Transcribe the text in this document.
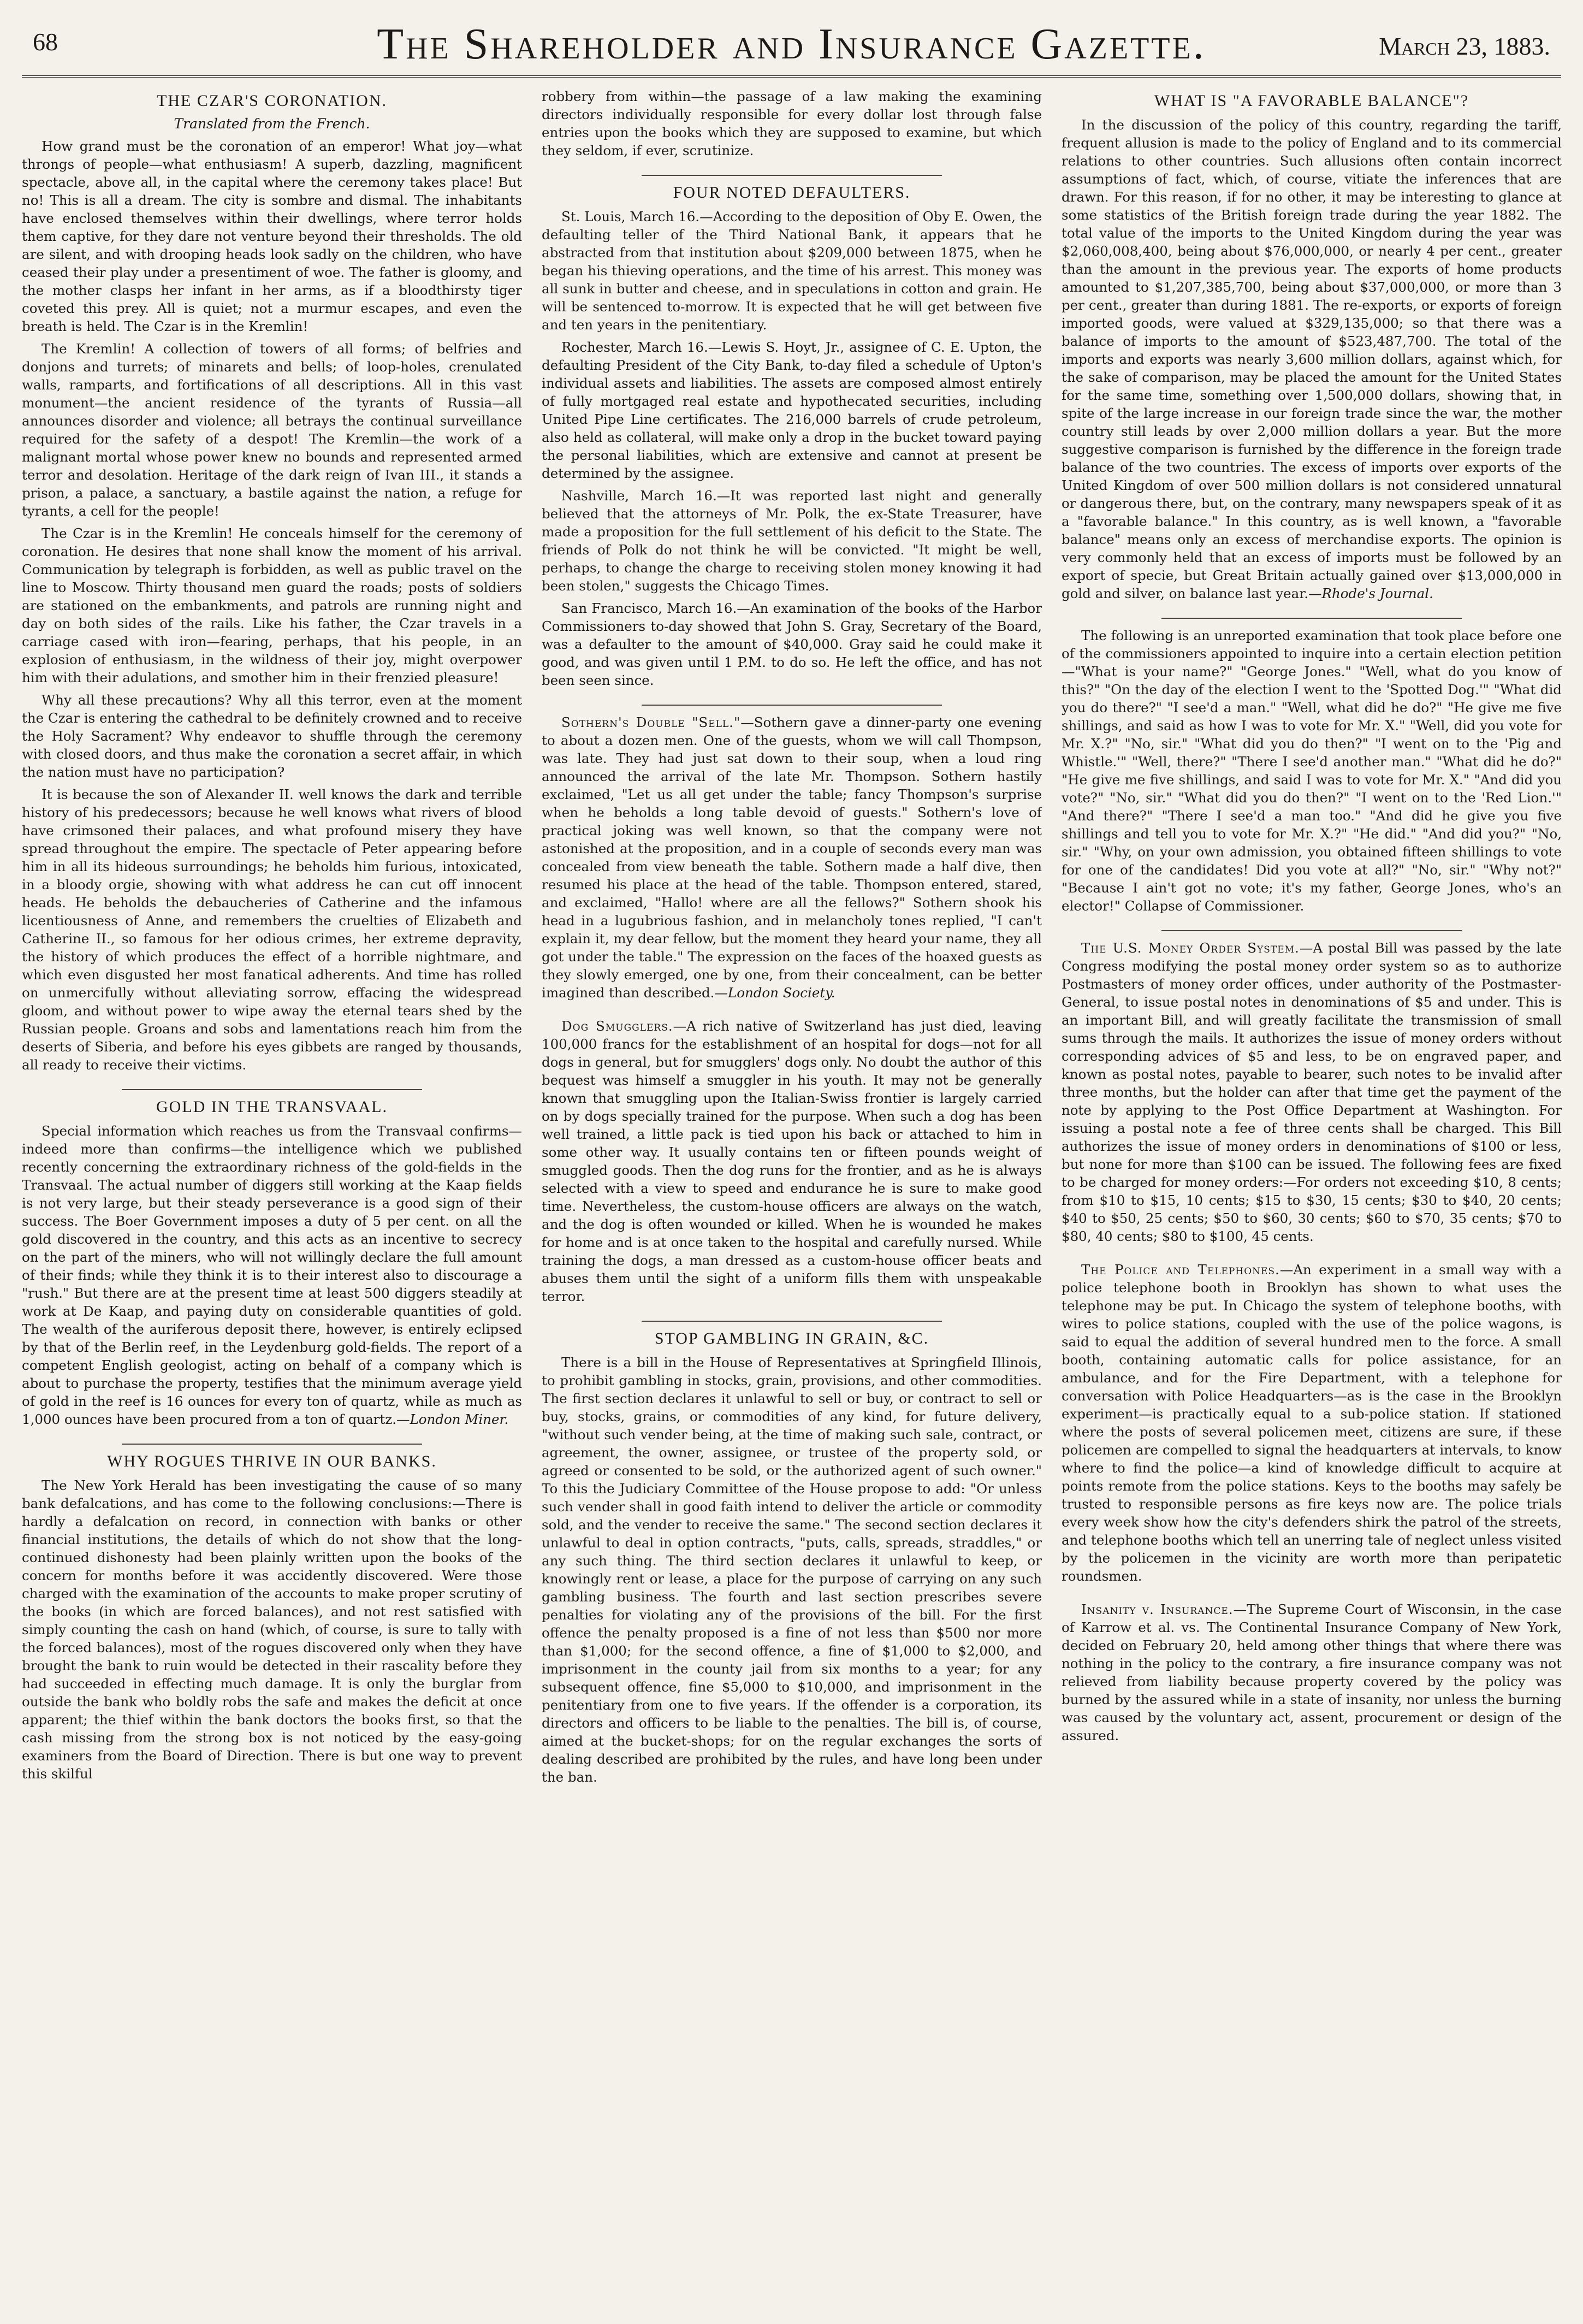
68	The Shareholder and Insurance Gazette.	March 23, 1883.
THE CZAR'S CORONATION.
Translated from the French.

How grand must be the coronation of an emperor! What joy—what throngs of people—what enthusiasm! A superb, dazzling, magnificent spectacle, above all, in the capital where the ceremony takes place! But no! This is all a dream. The city is sombre and dismal. The inhabitants have enclosed themselves within their dwellings, where terror holds them captive, for they dare not venture beyond their thresholds. The old are silent, and with drooping heads look sadly on the children, who have ceased their play under a presentiment of woe. The father is gloomy, and the mother clasps her infant in her arms, as if a bloodthirsty tiger coveted this prey. All is quiet; not a murmur escapes, and even the breath is held. The Czar is in the Kremlin!

The Kremlin! A collection of towers of all forms; of belfries and donjons and turrets; of minarets and bells; of loop-holes, crenulated walls, ramparts, and fortifications of all descriptions. All in this vast monument—the ancient residence of the tyrants of Russia—all announces disorder and violence; all betrays the continual surveillance required for the safety of a despot! The Kremlin—the work of a malignant mortal whose power knew no bounds and represented armed terror and desolation. Heritage of the dark reign of Ivan III., it stands a prison, a palace, a sanctuary, a bastile against the nation, a refuge for tyrants, a cell for the people!

The Czar is in the Kremlin! He conceals himself for the ceremony of coronation. He desires that none shall know the moment of his arrival. Communication by telegraph is forbidden, as well as public travel on the line to Moscow. Thirty thousand men guard the roads; posts of soldiers are stationed on the embankments, and patrols are running night and day on both sides of the rails. Like his father, the Czar travels in a carriage cased with iron—fearing, perhaps, that his people, in an explosion of enthusiasm, in the wildness of their joy, might overpower him with their adulations, and smother him in their frenzied pleasure!

Why all these precautions? Why all this terror, even at the moment the Czar is entering the cathedral to be definitely crowned and to receive the Holy Sacrament? Why endeavor to shuffle through the ceremony with closed doors, and thus make the coronation a secret affair, in which the nation must have no participation?

It is because the son of Alexander II. well knows the dark and terrible history of his predecessors; because he well knows what rivers of blood have crimsoned their palaces, and what profound misery they have spread throughout the empire. The spectacle of Peter appearing before him in all its hideous surroundings; he beholds him furious, intoxicated, in a bloody orgie, showing with what address he can cut off innocent heads. He beholds the debaucheries of Catherine and the infamous licentiousness of Anne, and remembers the cruelties of Elizabeth and Catherine II., so famous for her odious crimes, her extreme depravity, the history of which produces the effect of a horrible nightmare, and which even disgusted her most fanatical adherents. And time has rolled on unmercifully without alleviating sorrow, effacing the widespread gloom, and without power to wipe away the eternal tears shed by the Russian people. Groans and sobs and lamentations reach him from the deserts of Siberia, and before his eyes gibbets are ranged by thousands, all ready to receive their victims.

GOLD IN THE TRANSVAAL.

Special information which reaches us from the Transvaal confirms—indeed more than confirms—the intelligence which we published recently concerning the extraordinary richness of the gold-fields in the Transvaal. The actual number of diggers still working at the Kaap fields is not very large, but their steady perseverance is a good sign of their success. The Boer Government imposes a duty of 5 per cent. on all the gold discovered in the country, and this acts as an incentive to secrecy on the part of the miners, who will not willingly declare the full amount of their finds; while they think it is to their interest also to discourage a "rush." But there are at the present time at least 500 diggers steadily at work at De Kaap, and paying duty on considerable quantities of gold. The wealth of the auriferous deposit there, however, is entirely eclipsed by that of the Berlin reef, in the Leydenburg gold-fields. The report of a competent English geologist, acting on behalf of a company which is about to purchase the property, testifies that the minimum average yield of gold in the reef is 16 ounces for every ton of quartz, while as much as 1,000 ounces have been procured from a ton of quartz.—London Miner.

WHY ROGUES THRIVE IN OUR BANKS.

The New York Herald has been investigating the cause of so many bank defalcations, and has come to the following conclusions:—There is hardly a defalcation on record, in connection with banks or other financial institutions, the details of which do not show that the long-continued dishonesty had been plainly written upon the books of the concern for months before it was accidently discovered. Were those charged with the examination of the accounts to make proper scrutiny of the books (in which are forced balances), and not rest satisfied with simply counting the cash on hand (which, of course, is sure to tally with the forced balances), most of the rogues discovered only when they have brought the bank to ruin would be detected in their rascality before they had succeeded in effecting much damage. It is only the burglar from outside the bank who boldly robs the safe and makes the deficit at once apparent; the thief within the bank doctors the books first, so that the cash missing from the strong box is not noticed by the easy-going examiners from the Board of Direction. There is but one way to prevent this skilful

robbery from within—the passage of a law making the examining directors individually responsible for every dollar lost through false entries upon the books which they are supposed to examine, but which they seldom, if ever, scrutinize.

FOUR NOTED DEFAULTERS.

St. Louis, March 16.—According to the deposition of Oby E. Owen, the defaulting teller of the Third National Bank, it appears that he abstracted from that institution about $209,000 between 1875, when he began his thieving operations, and the time of his arrest. This money was all sunk in butter and cheese, and in speculations in cotton and grain. He will be sentenced to-morrow. It is expected that he will get between five and ten years in the penitentiary.

Rochester, March 16.—Lewis S. Hoyt, Jr., assignee of C. E. Upton, the defaulting President of the City Bank, to-day filed a schedule of Upton's individual assets and liabilities. The assets are composed almost entirely of fully mortgaged real estate and hypothecated securities, including United Pipe Line certificates. The 216,000 barrels of crude petroleum, also held as collateral, will make only a drop in the bucket toward paying the personal liabilities, which are extensive and cannot at present be determined by the assignee.

Nashville, March 16.—It was reported last night and generally believed that the attorneys of Mr. Polk, the ex-State Treasurer, have made a proposition for the full settlement of his deficit to the State. The friends of Polk do not think he will be convicted. "It might be well, perhaps, to change the charge to receiving stolen money knowing it had been stolen," suggests the Chicago Times.

San Francisco, March 16.—An examination of the books of the Harbor Commissioners to-day showed that John S. Gray, Secretary of the Board, was a defaulter to the amount of $40,000. Gray said he could make it good, and was given until 1 P.M. to do so. He left the office, and has not been seen since.

Sothern's Double "Sell."—Sothern gave a dinner-party one evening to about a dozen men. One of the guests, whom we will call Thompson, was late. They had just sat down to their soup, when a loud ring announced the arrival of the late Mr. Thompson. Sothern hastily exclaimed, "Let us all get under the table; fancy Thompson's surprise when he beholds a long table devoid of guests." Sothern's love of practical joking was well known, so that the company were not astonished at the proposition, and in a couple of seconds every man was concealed from view beneath the table. Sothern made a half dive, then resumed his place at the head of the table. Thompson entered, stared, and exclaimed, "Hallo! where are all the fellows?" Sothern shook his head in a lugubrious fashion, and in melancholy tones replied, "I can't explain it, my dear fellow, but the moment they heard your name, they all got under the table." The expression on the faces of the hoaxed guests as they slowly emerged, one by one, from their concealment, can be better imagined than described.—London Society.

Dog Smugglers.—A rich native of Switzerland has just died, leaving 100,000 francs for the establishment of an hospital for dogs—not for all dogs in general, but for smugglers' dogs only. No doubt the author of this bequest was himself a smuggler in his youth. It may not be generally known that smuggling upon the Italian-Swiss frontier is largely carried on by dogs specially trained for the purpose. When such a dog has been well trained, a little pack is tied upon his back or attached to him in some other way. It usually contains ten or fifteen pounds weight of smuggled goods. Then the dog runs for the frontier, and as he is always selected with a view to speed and endurance he is sure to make good time. Nevertheless, the custom-house officers are always on the watch, and the dog is often wounded or killed. When he is wounded he makes for home and is at once taken to the hospital and carefully nursed. While training the dogs, a man dressed as a custom-house officer beats and abuses them until the sight of a uniform fills them with unspeakable terror.

STOP GAMBLING IN GRAIN, &C.

There is a bill in the House of Representatives at Springfield Illinois, to prohibit gambling in stocks, grain, provisions, and other commodities. The first section declares it unlawful to sell or buy, or contract to sell or buy, stocks, grains, or commodities of any kind, for future delivery, "without such vender being, at the time of making such sale, contract, or agreement, the owner, assignee, or trustee of the property sold, or agreed or consented to be sold, or the authorized agent of such owner." To this the Judiciary Committee of the House propose to add: "Or unless such vender shall in good faith intend to deliver the article or commodity sold, and the vender to receive the same." The second section declares it unlawful to deal in option contracts, "puts, calls, spreads, straddles," or any such thing. The third section declares it unlawful to keep, or knowingly rent or lease, a place for the purpose of carrying on any such gambling business. The fourth and last section prescribes severe penalties for violating any of the provisions of the bill. For the first offence the penalty proposed is a fine of not less than $500 nor more than $1,000; for the second offence, a fine of $1,000 to $2,000, and imprisonment in the county jail from six months to a year; for any subsequent offence, fine $5,000 to $10,000, and imprisonment in the penitentiary from one to five years. If the offender is a corporation, its directors and officers to be liable to the penalties. The bill is, of course, aimed at the bucket-shops; for on the regular exchanges the sorts of dealing described are prohibited by the rules, and have long been under the ban.

WHAT IS "A FAVORABLE BALANCE"?

In the discussion of the policy of this country, regarding the tariff, frequent allusion is made to the policy of England and to its commercial relations to other countries. Such allusions often contain incorrect assumptions of fact, which, of course, vitiate the inferences that are drawn. For this reason, if for no other, it may be interesting to glance at some statistics of the British foreign trade during the year 1882. The total value of the imports to the United Kingdom during the year was $2,060,008,400, being about $76,000,000, or nearly 4 per cent., greater than the amount in the previous year. The exports of home products amounted to $1,207,385,700, being about $37,000,000, or more than 3 per cent., greater than during 1881. The re-exports, or exports of foreign imported goods, were valued at $329,135,000; so that there was a balance of imports to the amount of $523,487,700. The total of the imports and exports was nearly 3,600 million dollars, against which, for the sake of comparison, may be placed the amount for the United States for the same time, something over 1,500,000 dollars, showing that, in spite of the large increase in our foreign trade since the war, the mother country still leads by over 2,000 million dollars a year. But the more suggestive comparison is furnished by the difference in the foreign trade balance of the two countries. The excess of imports over exports of the United Kingdom of over 500 million dollars is not considered unnatural or dangerous there, but, on the contrary, many newspapers speak of it as a "favorable balance." In this country, as is well known, a "favorable balance" means only an excess of merchandise exports. The opinion is very commonly held that an excess of imports must be followed by an export of specie, but Great Britain actually gained over $13,000,000 in gold and silver, on balance last year.—Rhode's Journal.

The following is an unreported examination that took place before one of the commissioners appointed to inquire into a certain election petition—"What is your name?" "George Jones." "Well, what do you know of this?" "On the day of the election I went to the 'Spotted Dog.'" "What did you do there?" "I see'd a man." "Well, what did he do?" "He give me five shillings, and said as how I was to vote for Mr. X." "Well, did you vote for Mr. X.?" "No, sir." "What did you do then?" "I went on to the 'Pig and Whistle.'" "Well, there?" "There I see'd another man." "What did he do?" "He give me five shillings, and said I was to vote for Mr. X." "And did you vote?" "No, sir." "What did you do then?" "I went on to the 'Red Lion.'" "And there?" "There I see'd a man too." "And did he give you five shillings and tell you to vote for Mr. X.?" "He did." "And did you?" "No, sir." "Why, on your own admission, you obtained fifteen shillings to vote for one of the candidates! Did you vote at all?" "No, sir." "Why not?" "Because I ain't got no vote; it's my father, George Jones, who's an elector!" Collapse of Commissioner.

The U.S. Money Order System.—A postal Bill was passed by the late Congress modifying the postal money order system so as to authorize Postmasters of money order offices, under authority of the Postmaster-General, to issue postal notes in denominations of $5 and under. This is an important Bill, and will greatly facilitate the transmission of small sums through the mails. It authorizes the issue of money orders without corresponding advices of $5 and less, to be on engraved paper, and known as postal notes, payable to bearer, such notes to be invalid after three months, but the holder can after that time get the payment of the note by applying to the Post Office Department at Washington. For issuing a postal note a fee of three cents shall be charged. This Bill authorizes the issue of money orders in denominations of $100 or less, but none for more than $100 can be issued. The following fees are fixed to be charged for money orders:—For orders not exceeding $10, 8 cents; from $10 to $15, 10 cents; $15 to $30, 15 cents; $30 to $40, 20 cents; $40 to $50, 25 cents; $50 to $60, 30 cents; $60 to $70, 35 cents; $70 to $80, 40 cents; $80 to $100, 45 cents.

The Police and Telephones.—An experiment in a small way with a police telephone booth in Brooklyn has shown to what uses the telephone may be put. In Chicago the system of telephone booths, with wires to police stations, coupled with the use of the police wagons, is said to equal the addition of several hundred men to the force. A small booth, containing automatic calls for police assistance, for an ambulance, and for the Fire Department, with a telephone for conversation with Police Headquarters—as is the case in the Brooklyn experiment—is practically equal to a sub-police station. If stationed where the posts of several policemen meet, citizens are sure, if these policemen are compelled to signal the headquarters at intervals, to know where to find the police—a kind of knowledge difficult to acquire at points remote from the police stations. Keys to the booths may safely be trusted to responsible persons as fire keys now are. The police trials every week show how the city's defenders shirk the patrol of the streets, and telephone booths which tell an unerring tale of neglect unless visited by the policemen in the vicinity are worth more than peripatetic roundsmen.

Insanity v. Insurance.—The Supreme Court of Wisconsin, in the case of Karrow et al. vs. The Continental Insurance Company of New York, decided on February 20, held among other things that where there was nothing in the policy to the contrary, a fire insurance company was not relieved from liability because property covered by the policy was burned by the assured while in a state of insanity, nor unless the burning was caused by the voluntary act, assent, procurement or design of the assured.
